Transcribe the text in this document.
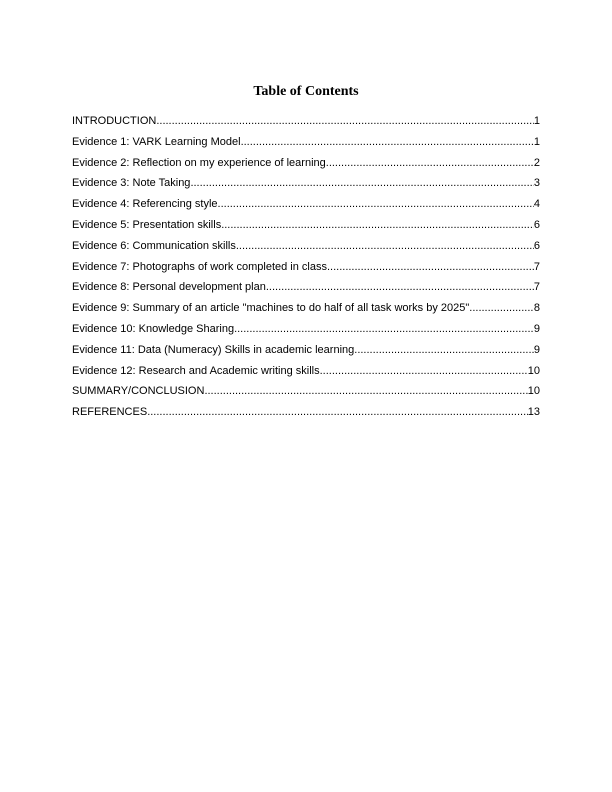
Table of Contents
INTRODUCTION .....	1
Evidence 1: VARK Learning Model .....	1
Evidence 2: Reflection on my experience of learning .....	2
Evidence 3: Note Taking .....	3
Evidence 4: Referencing style .....	4
Evidence 5: Presentation skills .....	6
Evidence 6: Communication skills .....	6
Evidence 7: Photographs of work completed in class .....	7
Evidence 8: Personal development plan .....	7
Evidence 9: Summary of an article "machines to do half of all task works by 2025" .....	8
Evidence 10: Knowledge Sharing .....	9
Evidence 11: Data (Numeracy) Skills in academic learning .....	9
Evidence 12: Research and Academic writing skills .....	10
SUMMARY/CONCLUSION .....	10
REFERENCES .....	13
